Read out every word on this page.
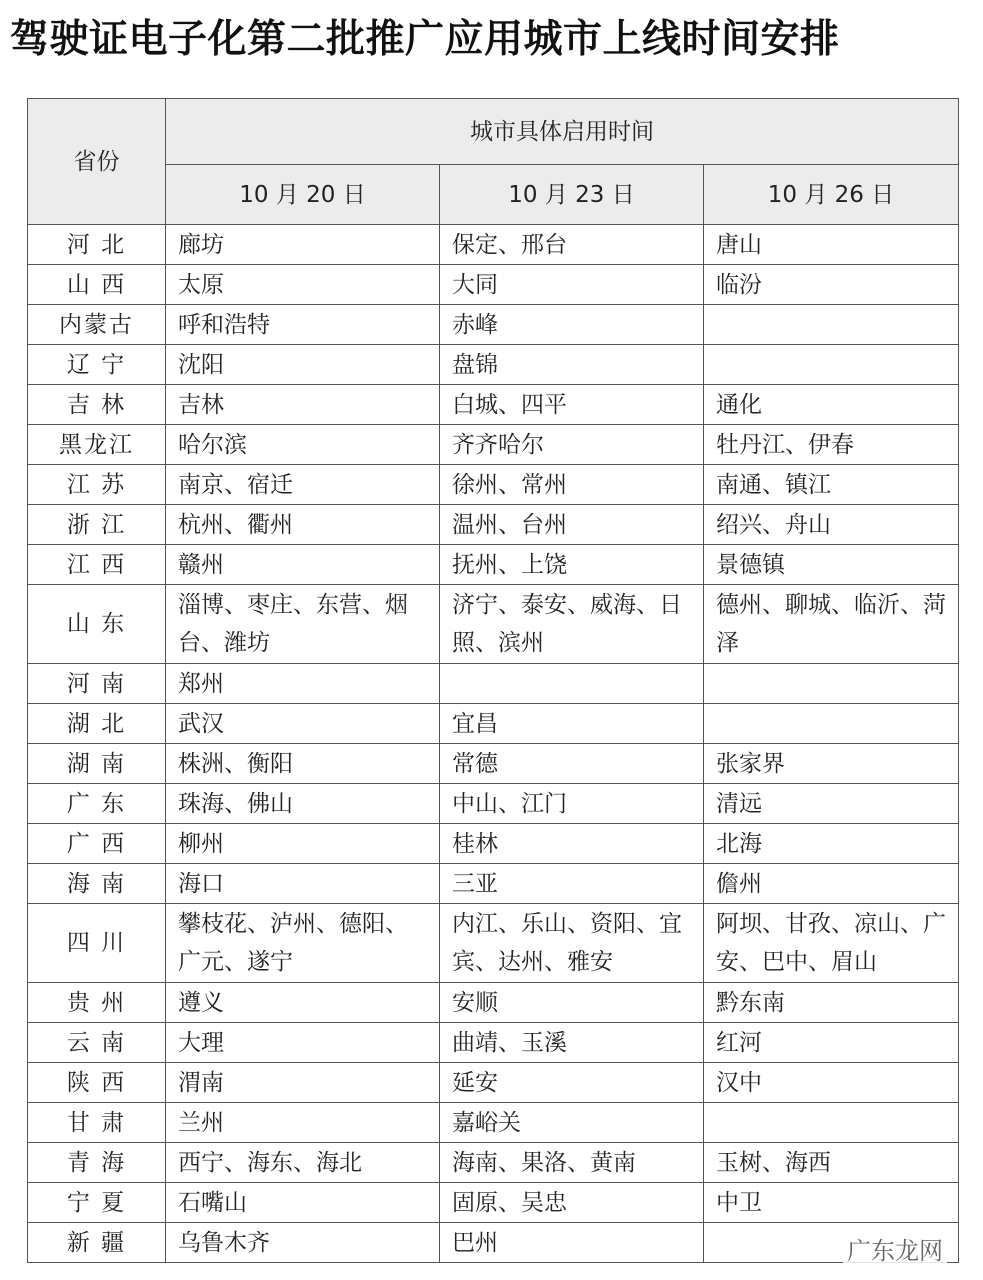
驾驶证电子化第二批推广应用城市上线时间安排
省份	城市具体启用时间		
	10 月 20 日	10 月 23 日	10 月 26 日
河 北	廊坊	保定、邢台	唐山
山 西	太原	大同	临汾
内蒙古	呼和浩特	赤峰	
辽 宁	沈阳	盘锦	
吉 林	吉林	白城、四平	通化
黑龙江	哈尔滨	齐齐哈尔	牡丹江、伊春
江 苏	南京、宿迁	徐州、常州	南通、镇江
浙 江	杭州、衢州	温州、台州	绍兴、舟山
江 西	赣州	抚州、上饶	景德镇
山 东	淄博、枣庄、东营、烟台、潍坊	济宁、泰安、威海、日照、滨州	德州、聊城、临沂、菏泽
河 南	郑州		
湖 北	武汉	宜昌	
湖 南	株洲、衡阳	常德	张家界
广 东	珠海、佛山	中山、江门	清远
广 西	柳州	桂林	北海
海 南	海口	三亚	儋州
四 川	攀枝花、泸州、德阳、广元、遂宁	内江、乐山、资阳、宜宾、达州、雅安	阿坝、甘孜、凉山、广安、巴中、眉山
贵 州	遵义	安顺	黔东南
云 南	大理	曲靖、玉溪	红河
陕 西	渭南	延安	汉中
甘 肃	兰州	嘉峪关	
青 海	西宁、海东、海北	海南、果洛、黄南	玉树、海西
宁 夏	石嘴山	固原、吴忠	中卫
新 疆	乌鲁木齐	巴州		广东龙网
